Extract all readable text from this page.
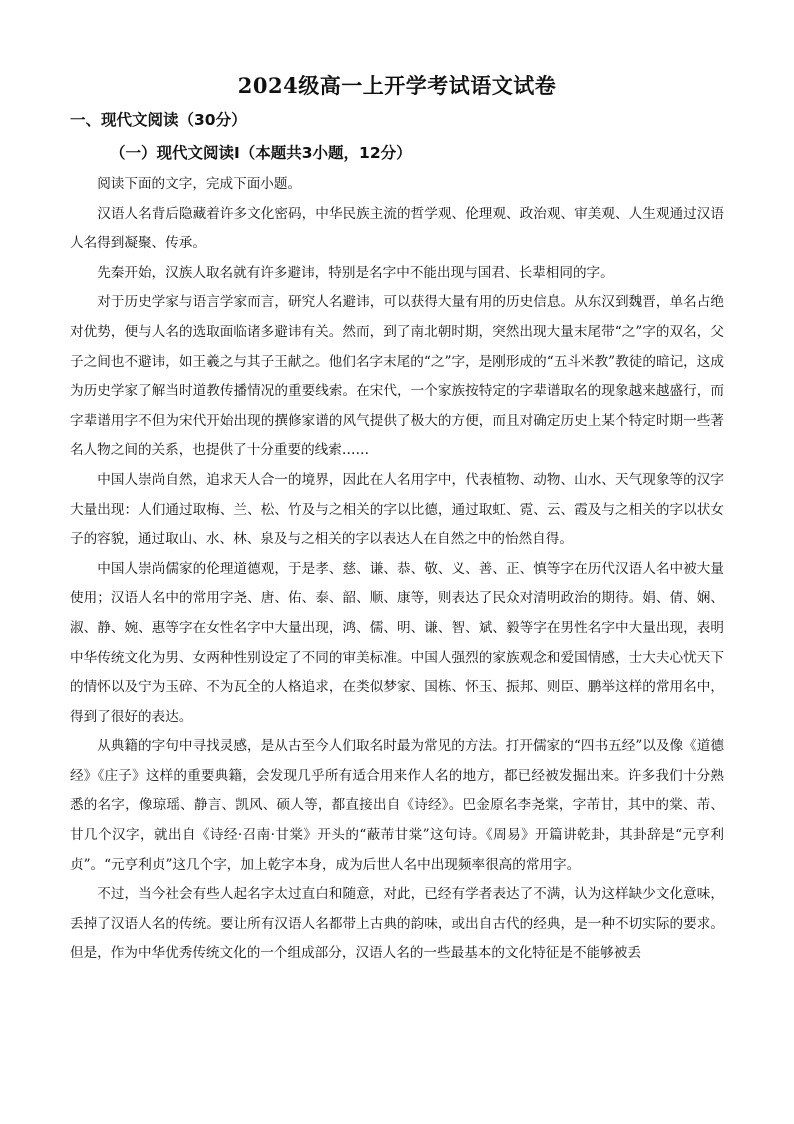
2024级高一上开学考试语文试卷
一、现代文阅读（30分）
（一）现代文阅读Ⅰ（本题共3小题，12分）

阅读下面的文字，完成下面小题。

汉语人名背后隐藏着许多文化密码，中华民族主流的哲学观、伦理观、政治观、审美观、人生观通过汉语人名得到凝聚、传承。

先秦开始，汉族人取名就有许多避讳，特别是名字中不能出现与国君、长辈相同的字。

对于历史学家与语言学家而言，研究人名避讳，可以获得大量有用的历史信息。从东汉到魏晋，单名占绝对优势，便与人名的选取面临诸多避讳有关。然而，到了南北朝时期，突然出现大量末尾带“之”字的双名，父子之间也不避讳，如王羲之与其子王献之。他们名字末尾的“之”字，是刚形成的“五斗米教”教徒的暗记，这成为历史学家了解当时道教传播情况的重要线索。在宋代，一个家族按特定的字辈谱取名的现象越来越盛行，而字辈谱用字不但为宋代开始出现的撰修家谱的风气提供了极大的方便，而且对确定历史上某个特定时期一些著名人物之间的关系，也提供了十分重要的线索……

中国人崇尚自然，追求天人合一的境界，因此在人名用字中，代表植物、动物、山水、天气现象等的汉字大量出现：人们通过取梅、兰、松、竹及与之相关的字以比德，通过取虹、霓、云、霞及与之相关的字以状女子的容貌，通过取山、水、林、泉及与之相关的字以表达人在自然之中的怡然自得。

中国人崇尚儒家的伦理道德观，于是孝、慈、谦、恭、敬、义、善、正、慎等字在历代汉语人名中被大量使用；汉语人名中的常用字尧、唐、佑、泰、韶、顺、康等，则表达了民众对清明政治的期待。娟、倩、娴、淑、静、婉、惠等字在女性名字中大量出现，鸿、儒、明、谦、智、斌、毅等字在男性名字中大量出现，表明中华传统文化为男、女两种性别设定了不同的审美标准。中国人强烈的家族观念和爱国情感，士大夫心忧天下的情怀以及宁为玉碎、不为瓦全的人格追求，在类似梦家、国栋、怀玉、振邦、则臣、鹏举这样的常用名中，得到了很好的表达。

从典籍的字句中寻找灵感，是从古至今人们取名时最为常见的方法。打开儒家的“四书五经”以及像《道德经》《庄子》这样的重要典籍，会发现几乎所有适合用来作人名的地方，都已经被发掘出来。许多我们十分熟悉的名字，像琼瑶、静言、凯风、硕人等，都直接出自《诗经》。巴金原名李尧棠，字芾甘，其中的棠、芾、甘几个汉字，就出自《诗经·召南·甘棠》开头的“蔽芾甘棠”这句诗。《周易》开篇讲乾卦，其卦辞是“元亨利贞”。“元亨利贞”这几个字，加上乾字本身，成为后世人名中出现频率很高的常用字。

不过，当今社会有些人起名字太过直白和随意，对此，已经有学者表达了不满，认为这样缺少文化意味，丢掉了汉语人名的传统。要让所有汉语人名都带上古典的韵味，或出自古代的经典，是一种不切实际的要求。但是，作为中华优秀传统文化的一个组成部分，汉语人名的一些最基本的文化特征是不能够被丢
